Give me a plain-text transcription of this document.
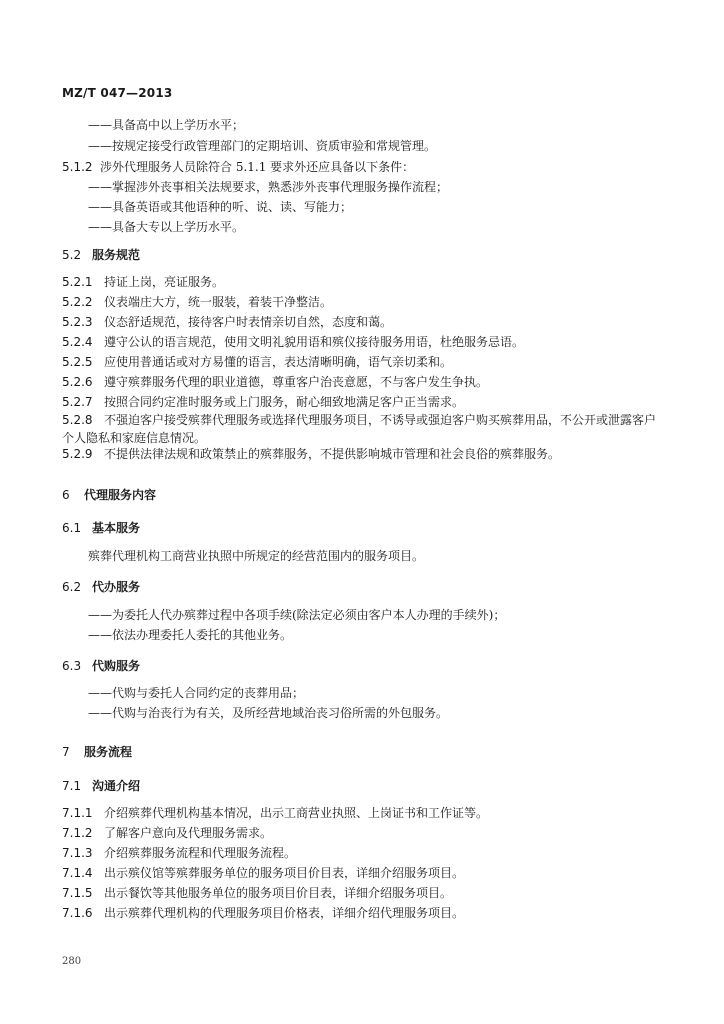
MZ/T 047—2013
——具备高中以上学历水平；
——按规定接受行政管理部门的定期培训、资质审验和常规管理。
5.1.2 涉外代理服务人员除符合 5.1.1 要求外还应具备以下条件：
——掌握涉外丧事相关法规要求，熟悉涉外丧事代理服务操作流程；
——具备英语或其他语种的听、说、读、写能力；
——具备大专以上学历水平。
5.2 服务规范
5.2.1 持证上岗，亮证服务。
5.2.2 仪表端庄大方，统一服装，着装干净整洁。
5.2.3 仪态舒适规范，接待客户时表情亲切自然，态度和蔼。
5.2.4 遵守公认的语言规范，使用文明礼貌用语和殡仪接待服务用语，杜绝服务忌语。
5.2.5 应使用普通话或对方易懂的语言，表达清晰明确，语气亲切柔和。
5.2.6 遵守殡葬服务代理的职业道德，尊重客户治丧意愿，不与客户发生争执。
5.2.7 按照合同约定准时服务或上门服务，耐心细致地满足客户正当需求。
5.2.8 不强迫客户接受殡葬代理服务或选择代理服务项目，不诱导或强迫客户购买殡葬用品，不公开或泄露客户个人隐私和家庭信息情况。
5.2.9 不提供法律法规和政策禁止的殡葬服务，不提供影响城市管理和社会良俗的殡葬服务。
6 代理服务内容
6.1 基本服务
殡葬代理机构工商营业执照中所规定的经营范围内的服务项目。
6.2 代办服务
——为委托人代办殡葬过程中各项手续(除法定必须由客户本人办理的手续外)；
——依法办理委托人委托的其他业务。
6.3 代购服务
——代购与委托人合同约定的丧葬用品；
——代购与治丧行为有关，及所经营地域治丧习俗所需的外包服务。
7 服务流程
7.1 沟通介绍
7.1.1 介绍殡葬代理机构基本情况，出示工商营业执照、上岗证书和工作证等。
7.1.2 了解客户意向及代理服务需求。
7.1.3 介绍殡葬服务流程和代理服务流程。
7.1.4 出示殡仪馆等殡葬服务单位的服务项目价目表，详细介绍服务项目。
7.1.5 出示餐饮等其他服务单位的服务项目价目表，详细介绍服务项目。
7.1.6 出示殡葬代理机构的代理服务项目价格表，详细介绍代理服务项目。
280
